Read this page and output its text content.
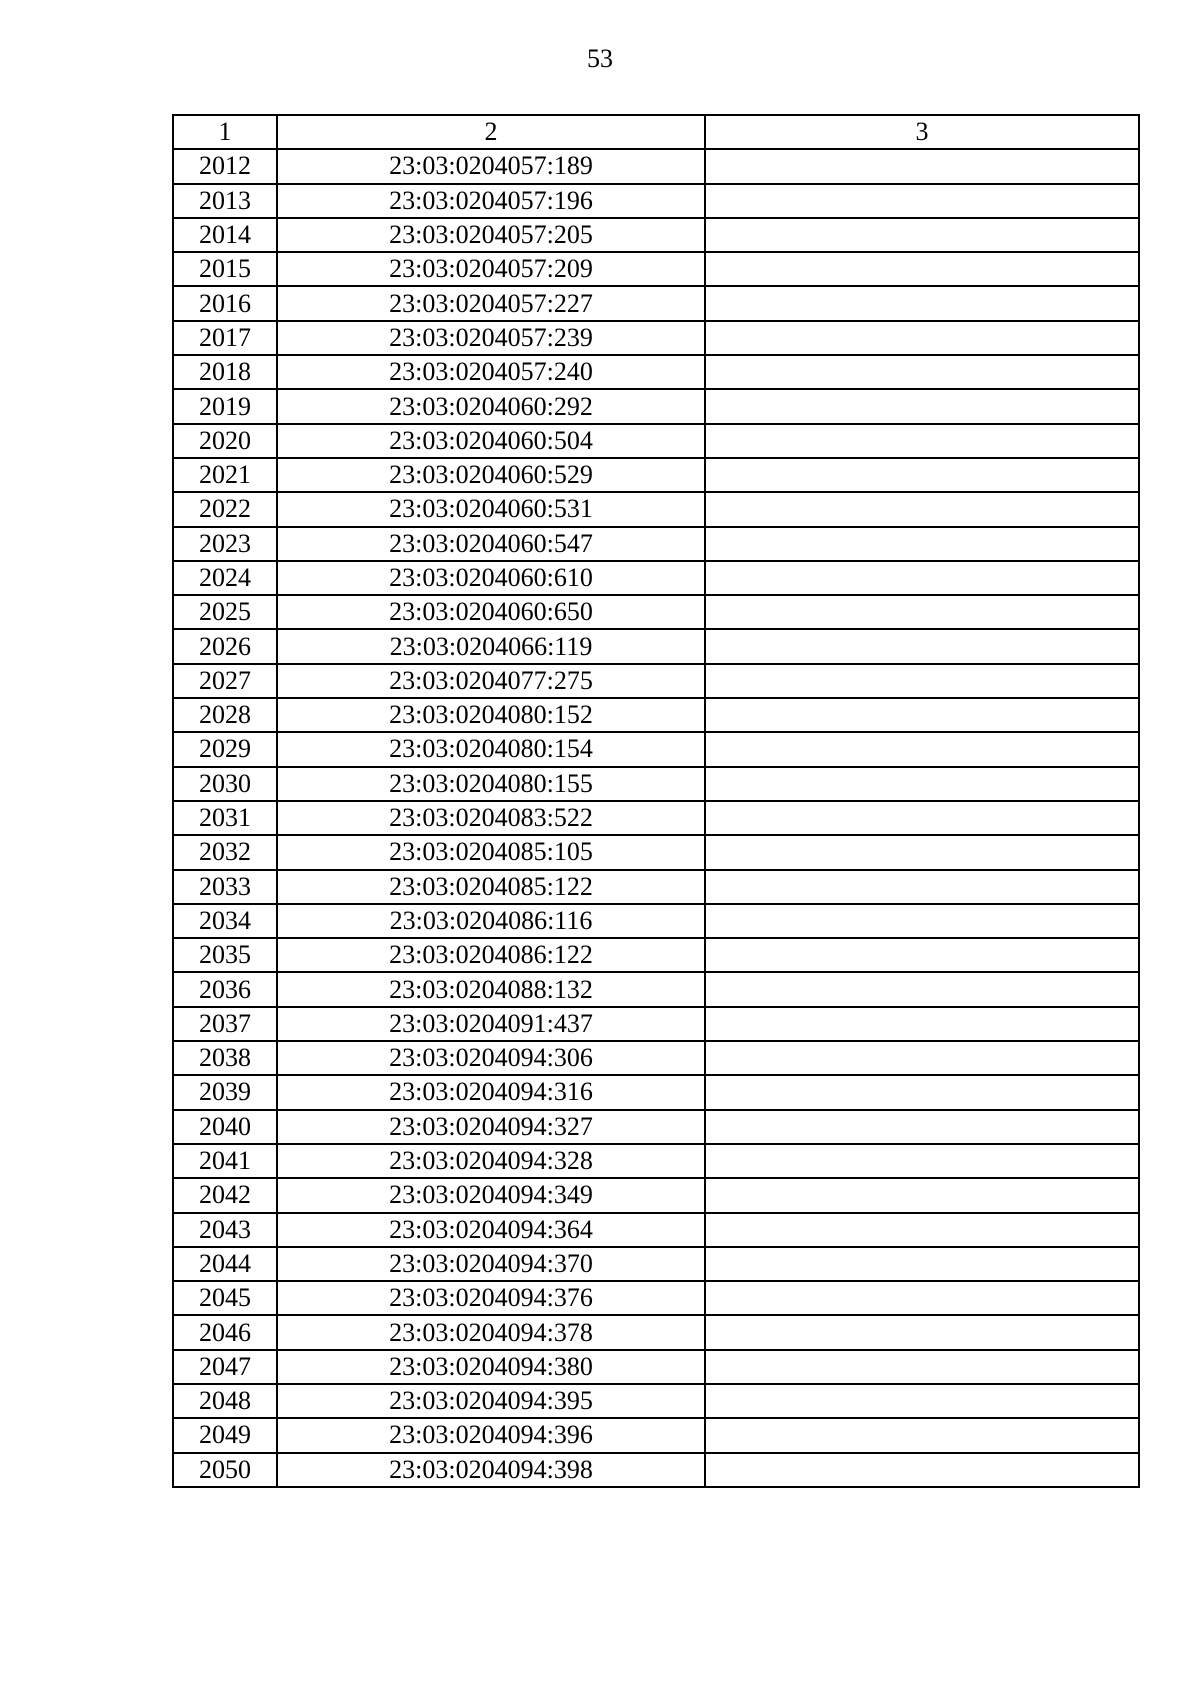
53
1	2	3
2012	23:03:0204057:189	
2013	23:03:0204057:196	
2014	23:03:0204057:205	
2015	23:03:0204057:209	
2016	23:03:0204057:227	
2017	23:03:0204057:239	
2018	23:03:0204057:240	
2019	23:03:0204060:292	
2020	23:03:0204060:504	
2021	23:03:0204060:529	
2022	23:03:0204060:531	
2023	23:03:0204060:547	
2024	23:03:0204060:610	
2025	23:03:0204060:650	
2026	23:03:0204066:119	
2027	23:03:0204077:275	
2028	23:03:0204080:152	
2029	23:03:0204080:154	
2030	23:03:0204080:155	
2031	23:03:0204083:522	
2032	23:03:0204085:105	
2033	23:03:0204085:122	
2034	23:03:0204086:116	
2035	23:03:0204086:122	
2036	23:03:0204088:132	
2037	23:03:0204091:437	
2038	23:03:0204094:306	
2039	23:03:0204094:316	
2040	23:03:0204094:327	
2041	23:03:0204094:328	
2042	23:03:0204094:349	
2043	23:03:0204094:364	
2044	23:03:0204094:370	
2045	23:03:0204094:376	
2046	23:03:0204094:378	
2047	23:03:0204094:380	
2048	23:03:0204094:395	
2049	23:03:0204094:396	
2050	23:03:0204094:398	
